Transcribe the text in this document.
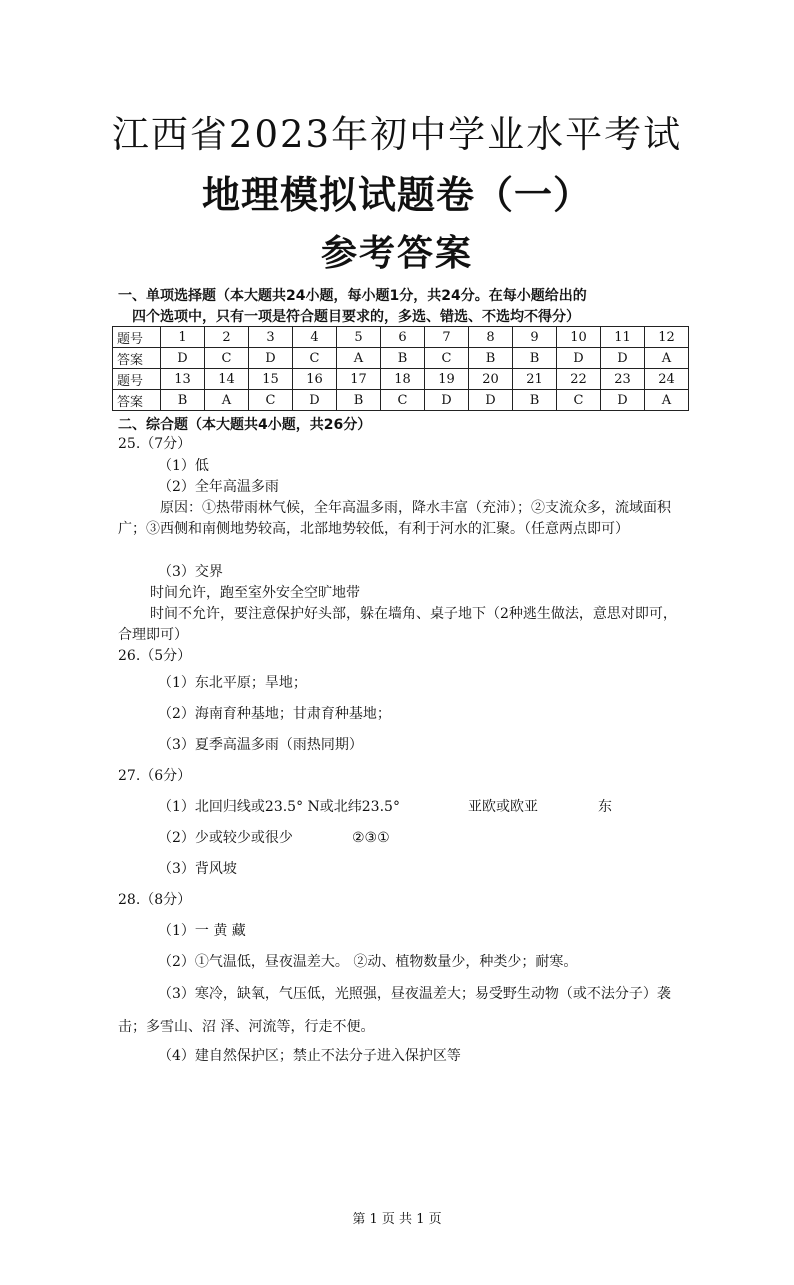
江西省2023年初中学业水平考试
地理模拟试题卷（一）
参考答案
一、单项选择题（本大题共24小题，每小题1分，共24分。在每小题给出的
四个选项中，只有一项是符合题目要求的，多选、错选、不选均不得分）
题号	1	2	3	4	5	6	7	8	9	10	11	12
答案	D	C	D	C	A	B	C	B	B	D	D	A
题号	13	14	15	16	17	18	19	20	21	22	23	24
答案	B	A	C	D	B	C	D	D	B	C	D	A
二、综合题（本大题共4小题，共26分）
25.（7分）
（1）低
（2）全年高温多雨
原因：①热带雨林气候，全年高温多雨，降水丰富（充沛）；②支流众多，流域面积广；③西侧和南侧地势较高，北部地势较低，有利于河水的汇聚。（任意两点即可）
（3）交界
时间允许，跑至室外安全空旷地带
时间不允许，要注意保护好头部，躲在墙角、桌子地下（2种逃生做法，意思对即可，合理即可）
26.（5分）
（1）东北平原；旱地；
（2）海南育种基地；甘肃育种基地；
（3）夏季高温多雨（雨热同期）
27.（6分）
（1）北回归线或23.5° N或北纬23.5°	亚欧或欧亚	东
（2）少或较少或很少	②③①
（3）背风坡
28.（8分）
（1）一 黄 藏
（2）①气温低，昼夜温差大。 ②动、植物数量少，种类少；耐寒。
（3）寒冷，缺氧，气压低，光照强，昼夜温差大；易受野生动物（或不法分子）袭击；多雪山、沼 泽、河流等，行走不便。
（4）建自然保护区；禁止不法分子进入保护区等
第 1 页 共 1 页
